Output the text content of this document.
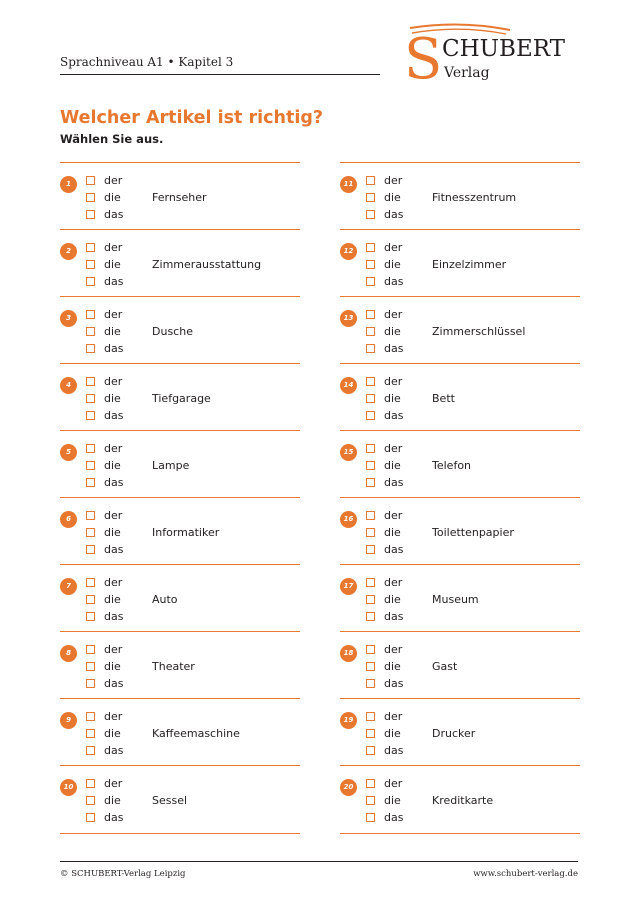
Sprachniveau A1 • Kapitel 3	S CHUBERT
Verlag
Welcher Artikel ist richtig?
Wählen Sie aus.
1	der
die
das
Fernseher
2	der
die
das
Zimmerausstattung
3	der
die
das
Dusche
4	der
die
das
Tiefgarage
5	der
die
das
Lampe
6	der
die
das
Informatiker
7	der
die
das
Auto
8	der
die
das
Theater
9	der
die
das
Kaffeemaschine
10	der
die
das
Sessel
11	der
die
das
Fitnesszentrum
12	der
die
das
Einzelzimmer
13	der
die
das
Zimmerschlüssel
14	der
die
das
Bett
15	der
die
das
Telefon
16	der
die
das
Toilettenpapier
17	der
die
das
Museum
18	der
die
das
Gast
19	der
die
das
Drucker
20	der
die
das
Kreditkarte
© SCHUBERT-Verlag Leipzig	www.schubert-verlag.de
